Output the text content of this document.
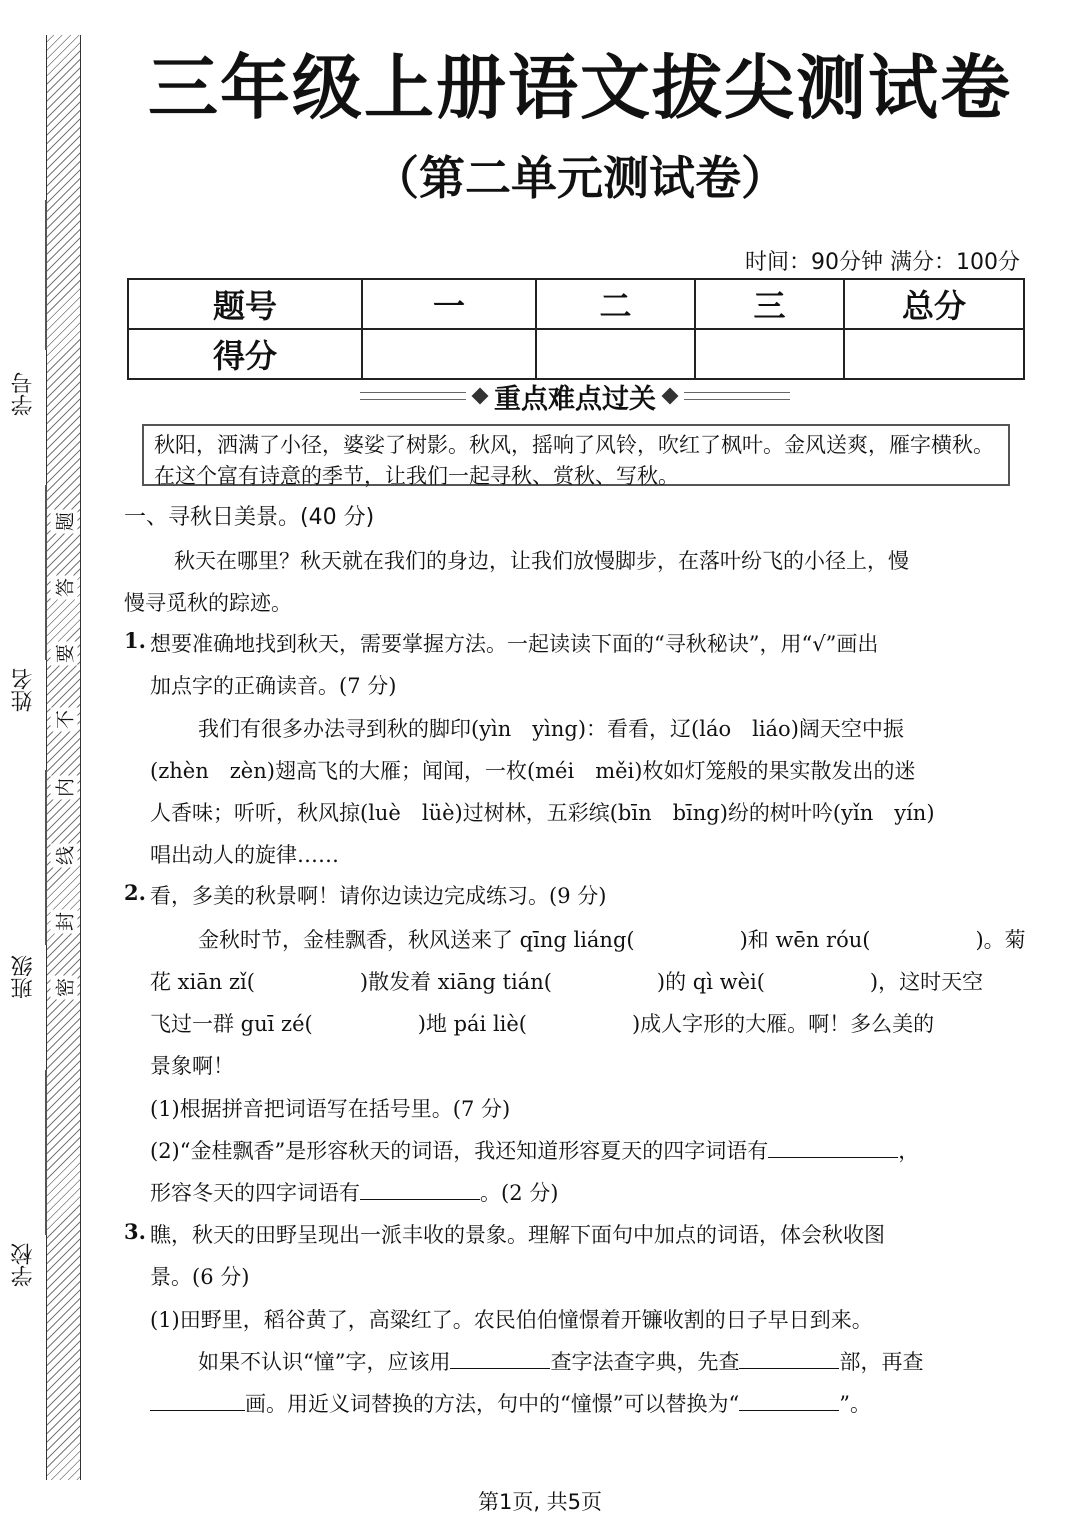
学号
姓名
班级
学校
题
答
要
不
内
线
封
密
三年级上册语文拔尖测试卷
（第二单元测试卷）
时间：90分钟 满分：100分
题号	一	二	三	总分
得分				
重点难点过关
秋阳，洒满了小径，婆娑了树影。秋风，摇响了风铃，吹红了枫叶。金风送爽，雁字横秋。在这个富有诗意的季节，让我们一起寻秋、赏秋、写秋。
一、寻秋日美景。(40 分)
秋天在哪里？秋天就在我们的身边，让我们放慢脚步，在落叶纷飞的小径上，慢
慢寻觅秋的踪迹。
1. 想要准确地找到秋天，需要掌握方法。一起读读下面的“寻秋秘诀”，用“√”画出
加点字的正确读音。(7 分)
我们有很多办法寻到秋的脚印(yìn　yìng)：看看，辽(láo　liáo)阔天空中振
(zhèn　zèn)翅高飞的大雁；闻闻，一枚(méi　měi)枚如灯笼般的果实散发出的迷
人香味；听听，秋风掠(luè　lüè)过树林，五彩缤(bīn　bīng)纷的树叶吟(yǐn　yín)
唱出动人的旋律……
2. 看，多美的秋景啊！请你边读边完成练习。(9 分)
金秋时节，金桂飘香，秋风送来了 qīng liáng(　　　　　)和 wēn róu(　　　　　)。菊
花 xiān zǐ(　　　　　)散发着 xiāng tián(　　　　　)的 qì wèi(　　　　　)，这时天空
飞过一群 guī zé(　　　　　)地 pái liè(　　　　　)成人字形的大雁。啊！多么美的
景象啊！
(1)根据拼音把词语写在括号里。(7 分)
(2)“金桂飘香”是形容秋天的词语，我还知道形容夏天的四字词语有	，
形容冬天的四字词语有	。(2 分)
3. 瞧，秋天的田野呈现出一派丰收的景象。理解下面句中加点的词语，体会秋收图
景。(6 分)
(1)田野里，稻谷黄了，高粱红了。农民伯伯憧憬着开镰收割的日子早日到来。
如果不认识“憧”字，应该用	查字法查字典，先查	部，再查
画。用近义词替换的方法，句中的“憧憬”可以替换为“	”。
第1页, 共5页
